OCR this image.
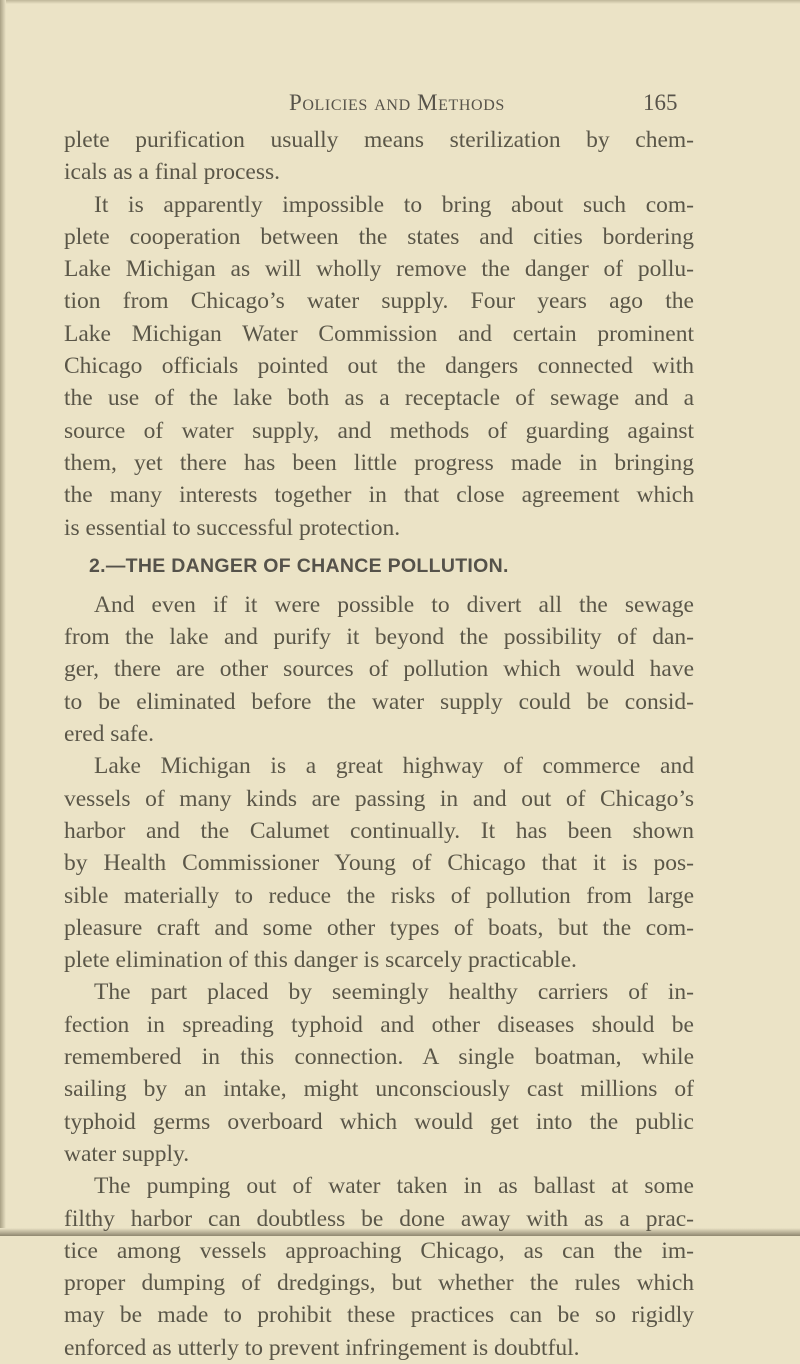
Policies and Methods	165
plete purification usually means sterilization by chem-
icals as a final process.
It is apparently impossible to bring about such com-
plete cooperation between the states and cities bordering
Lake Michigan as will wholly remove the danger of pollu-
tion from Chicago’s water supply. Four years ago the
Lake Michigan Water Commission and certain prominent
Chicago officials pointed out the dangers connected with
the use of the lake both as a receptacle of sewage and a
source of water supply, and methods of guarding against
them, yet there has been little progress made in bringing
the many interests together in that close agreement which
is essential to successful protection.
2.—THE DANGER OF CHANCE POLLUTION.
And even if it were possible to divert all the sewage
from the lake and purify it beyond the possibility of dan-
ger, there are other sources of pollution which would have
to be eliminated before the water supply could be consid-
ered safe.
Lake Michigan is a great highway of commerce and
vessels of many kinds are passing in and out of Chicago’s
harbor and the Calumet continually. It has been shown
by Health Commissioner Young of Chicago that it is pos-
sible materially to reduce the risks of pollution from large
pleasure craft and some other types of boats, but the com-
plete elimination of this danger is scarcely practicable.
The part placed by seemingly healthy carriers of in-
fection in spreading typhoid and other diseases should be
remembered in this connection. A single boatman, while
sailing by an intake, might unconsciously cast millions of
typhoid germs overboard which would get into the public
water supply.
The pumping out of water taken in as ballast at some
filthy harbor can doubtless be done away with as a prac-
tice among vessels approaching Chicago, as can the im-
proper dumping of dredgings, but whether the rules which
may be made to prohibit these practices can be so rigidly
enforced as utterly to prevent infringement is doubtful.
